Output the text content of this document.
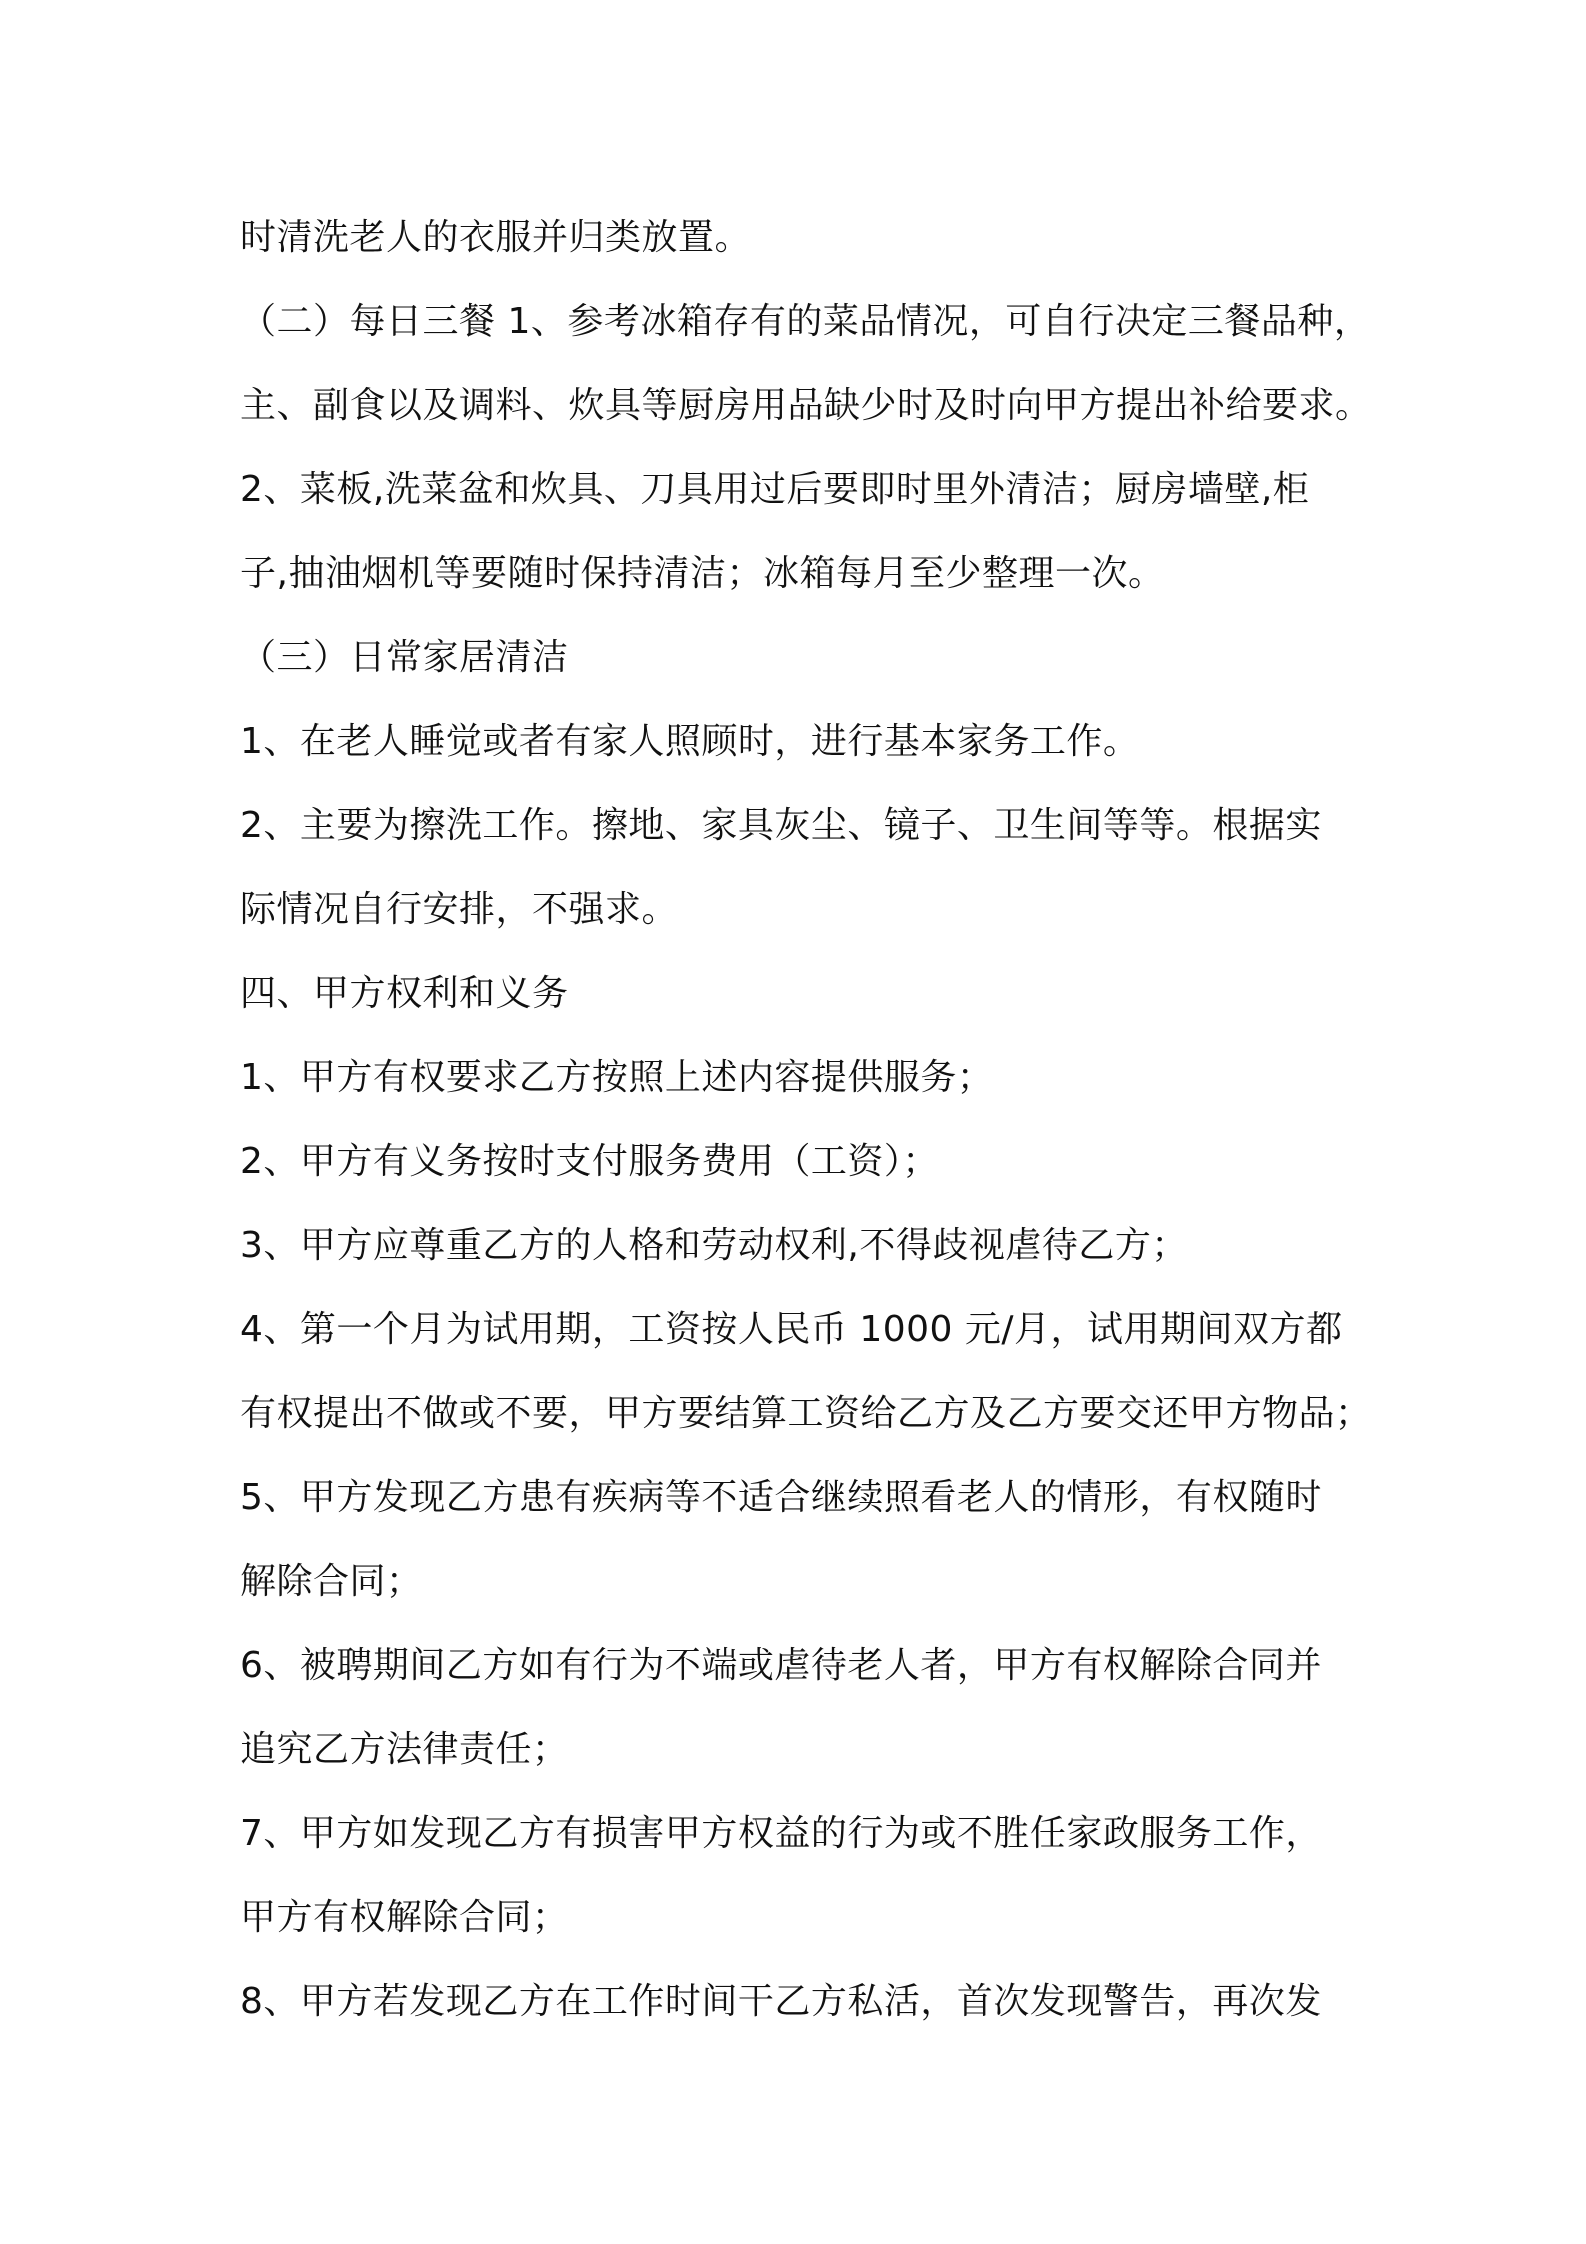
时清洗老人的衣服并归类放置。
（二）每日三餐 1、参考冰箱存有的菜品情况，可自行决定三餐品种，
主、副食以及调料、炊具等厨房用品缺少时及时向甲方提出补给要求。
2、菜板,洗菜盆和炊具、刀具用过后要即时里外清洁；厨房墙壁,柜
子,抽油烟机等要随时保持清洁；冰箱每月至少整理一次。
（三）日常家居清洁
1、在老人睡觉或者有家人照顾时，进行基本家务工作。
2、主要为擦洗工作。擦地、家具灰尘、镜子、卫生间等等。根据实
际情况自行安排，不强求。
四、甲方权利和义务
1、甲方有权要求乙方按照上述内容提供服务；
2、甲方有义务按时支付服务费用（工资）；
3、甲方应尊重乙方的人格和劳动权利,不得歧视虐待乙方；
4、第一个月为试用期，工资按人民币 1000 元/月，试用期间双方都
有权提出不做或不要，甲方要结算工资给乙方及乙方要交还甲方物品；
5、甲方发现乙方患有疾病等不适合继续照看老人的情形，有权随时
解除合同；
6、被聘期间乙方如有行为不端或虐待老人者，甲方有权解除合同并
追究乙方法律责任；
7、甲方如发现乙方有损害甲方权益的行为或不胜任家政服务工作，
甲方有权解除合同；
8、甲方若发现乙方在工作时间干乙方私活，首次发现警告，再次发
